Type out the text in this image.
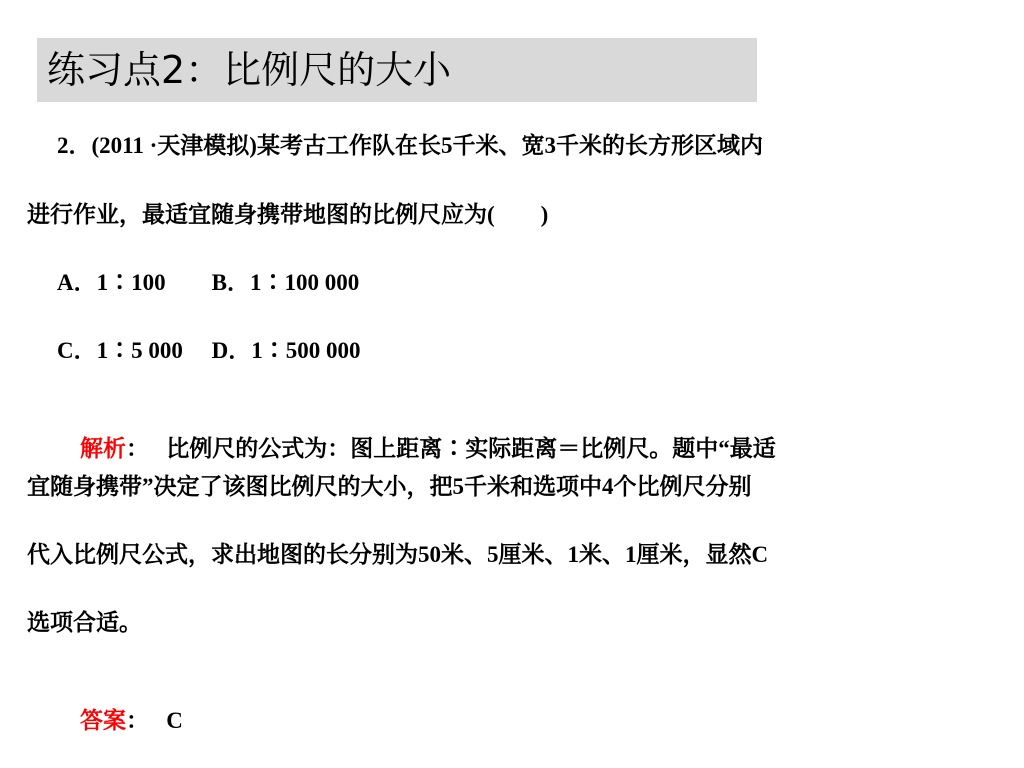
练习点2：比例尺的大小
2．(2011 ·天津模拟)某考古工作队在长5千米、宽3千米的长方形区域内
进行作业，最适宜随身携带地图的比例尺应为(　　)
A．1∶100　　B．1∶100 000
C．1∶5 000　 D．1∶500 000

解析：　 比例尺的公式为：图上距离∶实际距离＝比例尺。题中“最适

宜随身携带”决定了该图比例尺的大小，把5千米和选项中4个比例尺分别
代入比例尺公式，求出地图的长分别为50米、5厘米、1米、1厘米，显然C
选项合适。

答案：　 C
